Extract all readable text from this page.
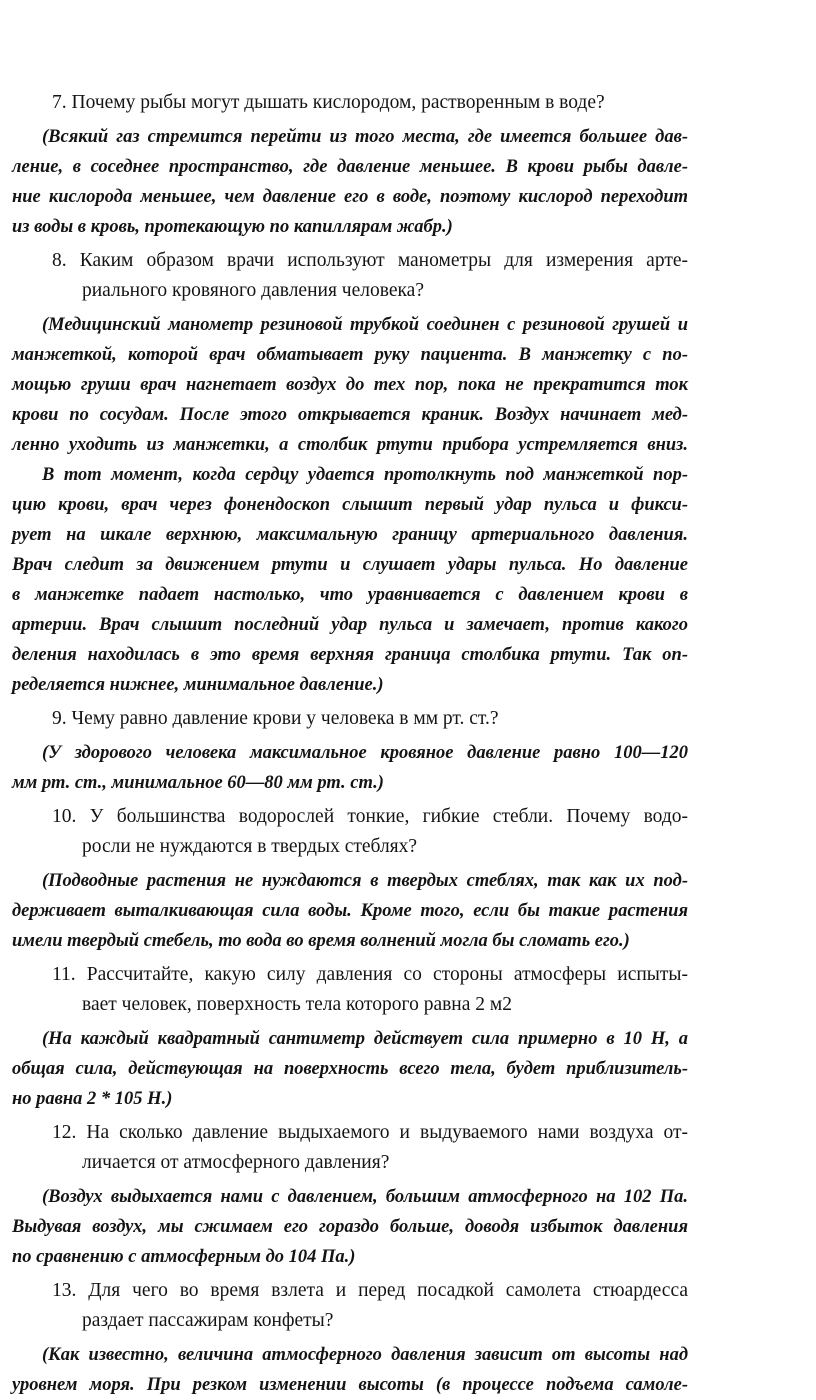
7. Почему рыбы могут дышать кислородом, растворенным в воде?
(Всякий газ стремится перейти из того места, где имеется большее дав-
ление, в соседнее пространство, где давление меньшее. В крови рыбы давле-
ние кислорода меньшее, чем давление его в воде, поэтому кислород переходит
из воды в кровь, протекающую по капиллярам жабр.)
8. Каким образом врачи используют манометры для измерения арте-
риального кровяного давления человека?
(Медицинский манометр резиновой трубкой соединен с резиновой грушей и
манжеткой, которой врач обматывает руку пациента. В манжетку с по-
мощью груши врач нагнетает воздух до тех пор, пока не прекратится ток
крови по сосудам. После этого открывается краник. Воздух начинает мед-
ленно уходить из манжетки, а столбик ртути прибора устремляется вниз.
В тот момент, когда сердцу удается протолкнуть под манжеткой пор-
цию крови, врач через фонендоскоп слышит первый удар пульса и фикси-
рует на шкале верхнюю, максимальную границу артериального давления.
Врач следит за движением ртути и слушает удары пульса. Но давление
в манжетке падает настолько, что уравнивается с давлением крови в
артерии. Врач слышит последний удар пульса и замечает, против какого
деления находилась в это время верхняя граница столбика ртути. Так оп-
ределяется нижнее, минимальное давление.)
9. Чему равно давление крови у человека в мм рт. ст.?
(У здорового человека максимальное кровяное давление равно 100—120
мм рт. ст., минимальное 60—80 мм рт. ст.)
10. У большинства водорослей тонкие, гибкие стебли. Почему водо-
росли не нуждаются в твердых стеблях?
(Подводные растения не нуждаются в твердых стеблях, так как их под-
держивает выталкивающая сила воды. Кроме того, если бы такие растения
имели твердый стебель, то вода во время волнений могла бы сломать его.)
11. Рассчитайте, какую силу давления со стороны атмосферы испыты-
вает человек, поверхность тела которого равна 2 м2
(На каждый квадратный сантиметр действует сила примерно в 10 Н, а
общая сила, действующая на поверхность всего тела, будет приблизитель-
но равна 2 * 105 Н.)
12. На сколько давление выдыхаемого и выдуваемого нами воздуха от-
личается от атмосферного давления?
(Воздух выдыхается нами с давлением, большим атмосферного на 102 Па.
Выдувая воздух, мы сжимаем его гораздо больше, доводя избыток давления
по сравнению с атмосферным до 104 Па.)
13. Для чего во время взлета и перед посадкой самолета стюардесса
раздает пассажирам конфеты?
(Как известно, величина атмосферного давления зависит от высоты над
уровнем моря. При резком изменении высоты (в процессе подъема самоле-
